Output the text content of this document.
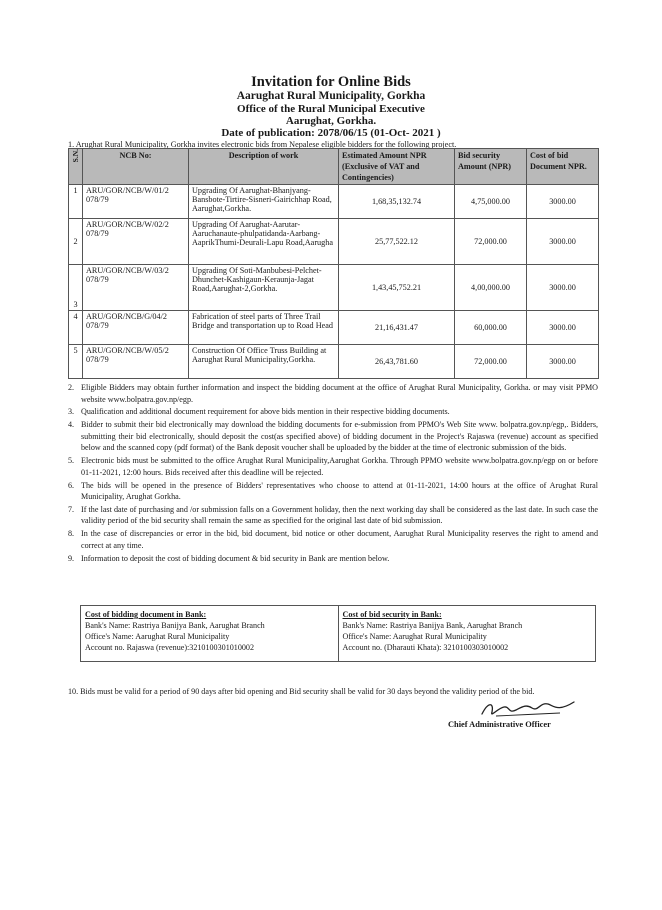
Invitation for Online Bids
Aarughat Rural Municipality, Gorkha
Office of the Rural Municipal Executive
Aarughat, Gorkha.
Date of publication: 2078/06/15 (01-Oct- 2021 )
1. Arughat Rural Municipality, Gorkha invites electronic bids from Nepalese eligible bidders for the following project.
S.N.	NCB No:	Description of work	Estimated Amount NPR (Exclusive of VAT and Contingencies)	Bid security Amount (NPR)	Cost of bid Document NPR.
1	ARU/GOR/NCB/W/01/2 078/79	Upgrading Of Aarughat-Bhanjyang-Bansbote-Tirtire-Sisneri-Gairichhap Road, Aarughat,Gorkha.	1,68,35,132.74	4,75,000.00	3000.00
2	ARU/GOR/NCB/W/02/2 078/79	Upgrading Of Aarughat-Aarutar-Aaruchanaute-phulpatidanda-Aarbang-AaprikThumi-Deurali-Lapu Road,Aarugha	25,77,522.12	72,000.00	3000.00
3	ARU/GOR/NCB/W/03/2 078/79	Upgrading Of Soti-Manbubesi-Pelchet-Dhunchet-Kashigaun-Keraunja-Jagat Road,Aarughat-2,Gorkha.	1,43,45,752.21	4,00,000.00	3000.00
4	ARU/GOR/NCB/G/04/2 078/79	Fabrication of steel parts of Three Trail Bridge and transportation up to Road Head	21,16,431.47	60,000.00	3000.00
5	ARU/GOR/NCB/W/05/2 078/79	Construction Of Office Truss Building at Aarughat Rural Municipality,Gorkha.	26,43,781.60	72,000.00	3000.00
2. Eligible Bidders may obtain further information and inspect the bidding document at the office of Arughat Rural Municipality, Gorkha. or may visit PPMO website www.bolpatra.gov.np/egp.
3. Qualification and additional document requirement for above bids mention in their respective bidding documents.
4. Bidder to submit their bid electronically may download the bidding documents for e-submission from PPMO's Web Site www. bolpatra.gov.np/egp,. Bidders, submitting their bid electronically, should deposit the cost(as specified above) of bidding document in the Project's Rajaswa (revenue) account as specified below and the scanned copy (pdf format) of the Bank deposit voucher shall be uploaded by the bidder at the time of electronic submission of the bids.
5. Electronic bids must be submitted to the office Arughat Rural Municipality,Aarughat Gorkha. Through PPMO website www.bolpatra.gov.np/egp on or before 01-11-2021, 12:00 hours. Bids received after this deadline will be rejected.
6. The bids will be opened in the presence of Bidders' representatives who choose to attend at 01-11-2021, 14:00 hours at the office of Arughat Rural Municipality, Arughat Gorkha.
7. If the last date of purchasing and /or submission falls on a Government holiday, then the next working day shall be considered as the last date. In such case the validity period of the bid security shall remain the same as specified for the original last date of bid submission.
8. In the case of discrepancies or error in the bid, bid document, bid notice or other document, Aarughat Rural Municipality reserves the right to amend and correct at any time.
9. Information to deposit the cost of bidding document & bid security in Bank are mention below.
Cost of bidding document in Bank:
Bank's Name: Rastriya Banijya Bank, Aarughat Branch
Office's Name: Aarughat Rural Municipality
Account no. Rajaswa (revenue):3210100301010002

Cost of bid security in Bank:
Bank's Name: Rastriya Banijya Bank, Aarughat Branch
Office's Name: Aarughat Rural Municipality
Account no. (Dharauti Khata): 3210100303010002
10. Bids must be valid for a period of 90 days after bid opening and Bid security shall be valid for 30 days beyond the validity period of the bid.
Chief Administrative Officer
